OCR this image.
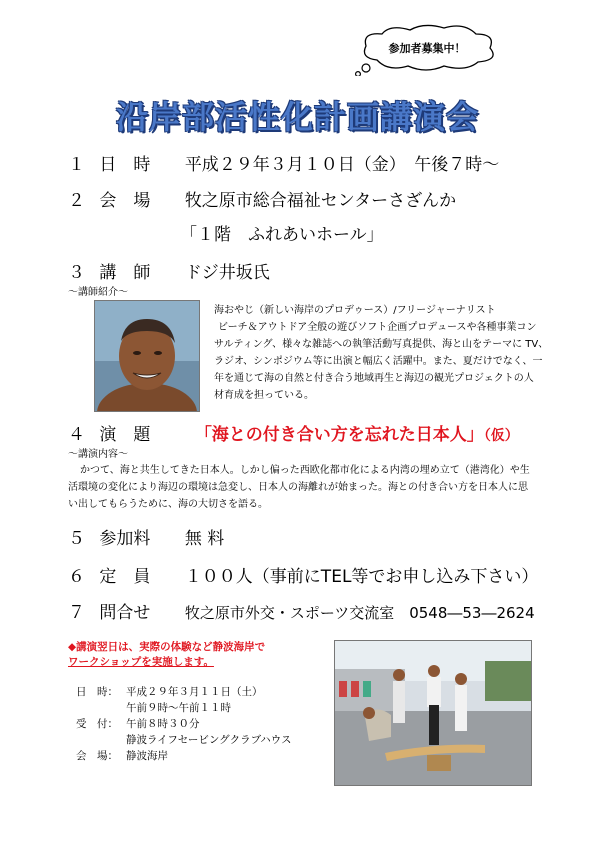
参加者募集中！
沿岸部活性化計画講演会
１ 日　時 平成２９年３月１０日（金）　午後７時～
２ 会　場 牧之原市総合福祉センターさざんか
「１階　ふれあいホール」
３ 講　師 ドジ井坂氏
～講師紹介～
海おやじ（新しい海岸のプロデゥース）/フリージャーナリスト
ビーチ＆アウトドア全般の遊びソフト企画プロデュースや各種事業コン
サルティング、様々な雑誌への執筆活動写真提供、海と山をテーマに TV、
ラジオ、シンポジウム等に出演と幅広く活躍中。また、夏だけでなく、一
年を通じて海の自然と付き合う地域再生と海辺の観光プロジェクトの人
材育成を担っている。
４ 演　題	「海との付き合い方を忘れた日本人」（仮）
～講演内容～
かつて、海と共生してきた日本人。しかし偏った西欧化都市化による内湾の埋め立て（港湾化）や生
活環境の変化により海辺の環境は急変し、日本人の海離れが始まった。海との付き合い方を日本人に思
い出してもらうために、海の大切さを語る。
５ 参加料 無 料
６ 定　員 １００人（事前にTEL等でお申し込み下さい）
７ 問合せ 牧之原市外交・スポーツ交流室　0548―53―2624
◆講演翌日は、実際の体験など静波海岸で
ワークショップを実施します。
日　時： 平成２９年３月１１日（土）
午前９時～午前１１時
受　付： 午前８時３０分
静波ライフセービングクラブハウス
会　場： 静波海岸
